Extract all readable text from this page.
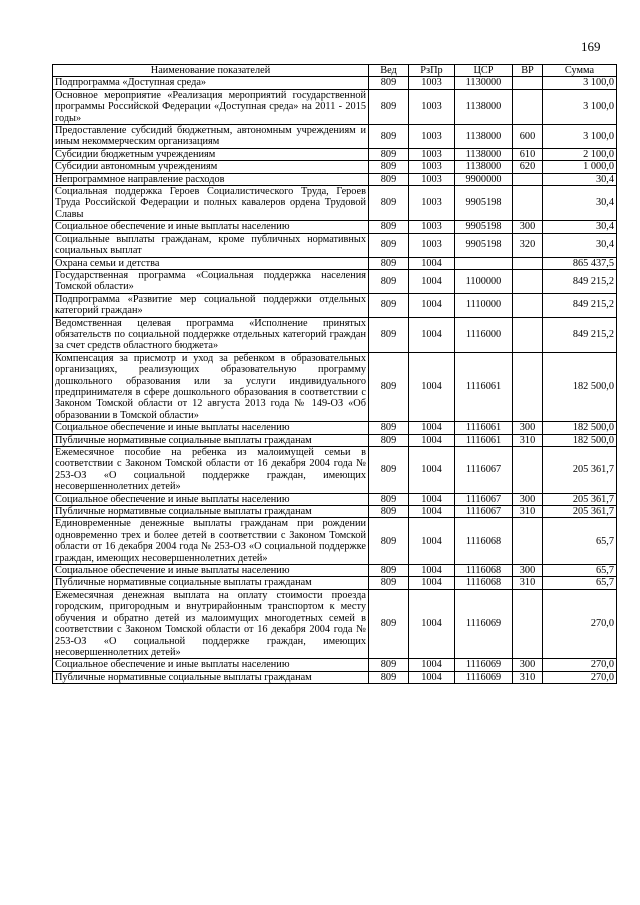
169
Наименование показателей	Вед	РзПр	ЦСР	ВР	Сумма
Подпрограмма «Доступная среда»	809	1003	1130000		3 100,0
Основное мероприятие «Реализация мероприятий государственной программы Российской Федерации «Доступная среда» на 2011 - 2015 годы»	809	1003	1138000		3 100,0
Предоставление субсидий бюджетным, автономным учреждениям и иным некоммерческим организациям	809	1003	1138000	600	3 100,0
Субсидии бюджетным учреждениям	809	1003	1138000	610	2 100,0
Субсидии автономным учреждениям	809	1003	1138000	620	1 000,0
Непрограммное направление расходов	809	1003	9900000		30,4
Социальная поддержка Героев Социалистического Труда, Героев Труда Российской Федерации и полных кавалеров ордена Трудовой Славы	809	1003	9905198		30,4
Социальное обеспечение и иные выплаты населению	809	1003	9905198	300	30,4
Социальные выплаты гражданам, кроме публичных нормативных социальных выплат	809	1003	9905198	320	30,4
Охрана семьи и детства	809	1004			865 437,5
Государственная программа «Социальная поддержка населения Томской области»	809	1004	1100000		849 215,2
Подпрограмма «Развитие мер социальной поддержки отдельных категорий граждан»	809	1004	1110000		849 215,2
Ведомственная целевая программа «Исполнение принятых обязательств по социальной поддержке отдельных категорий граждан за счет средств областного бюджета»	809	1004	1116000		849 215,2
Компенсация за присмотр и уход за ребенком в образовательных организациях, реализующих образовательную программу дошкольного образования или за услуги индивидуального предпринимателя в сфере дошкольного образования в соответствии с Законом Томской области от 12 августа 2013 года № 149-ОЗ «Об образовании в Томской области»	809	1004	1116061		182 500,0
Социальное обеспечение и иные выплаты населению	809	1004	1116061	300	182 500,0
Публичные нормативные социальные выплаты гражданам	809	1004	1116061	310	182 500,0
Ежемесячное пособие на ребенка из малоимущей семьи в соответствии с Законом Томской области от 16 декабря 2004 года № 253-ОЗ «О социальной поддержке граждан, имеющих несовершеннолетних детей»	809	1004	1116067		205 361,7
Социальное обеспечение и иные выплаты населению	809	1004	1116067	300	205 361,7
Публичные нормативные социальные выплаты гражданам	809	1004	1116067	310	205 361,7
Единовременные денежные выплаты гражданам при рождении одновременно трех и более детей в соответствии с Законом Томской области от 16 декабря 2004 года № 253-ОЗ «О социальной поддержке граждан, имеющих несовершеннолетних детей»	809	1004	1116068		65,7
Социальное обеспечение и иные выплаты населению	809	1004	1116068	300	65,7
Публичные нормативные социальные выплаты гражданам	809	1004	1116068	310	65,7
Ежемесячная денежная выплата на оплату стоимости проезда городским, пригородным и внутрирайонным транспортом к месту обучения и обратно детей из малоимущих многодетных семей в соответствии с Законом Томской области от 16 декабря 2004 года № 253-ОЗ «О социальной поддержке граждан, имеющих несовершеннолетних детей»	809	1004	1116069		270,0
Социальное обеспечение и иные выплаты населению	809	1004	1116069	300	270,0
Публичные нормативные социальные выплаты гражданам	809	1004	1116069	310	270,0
